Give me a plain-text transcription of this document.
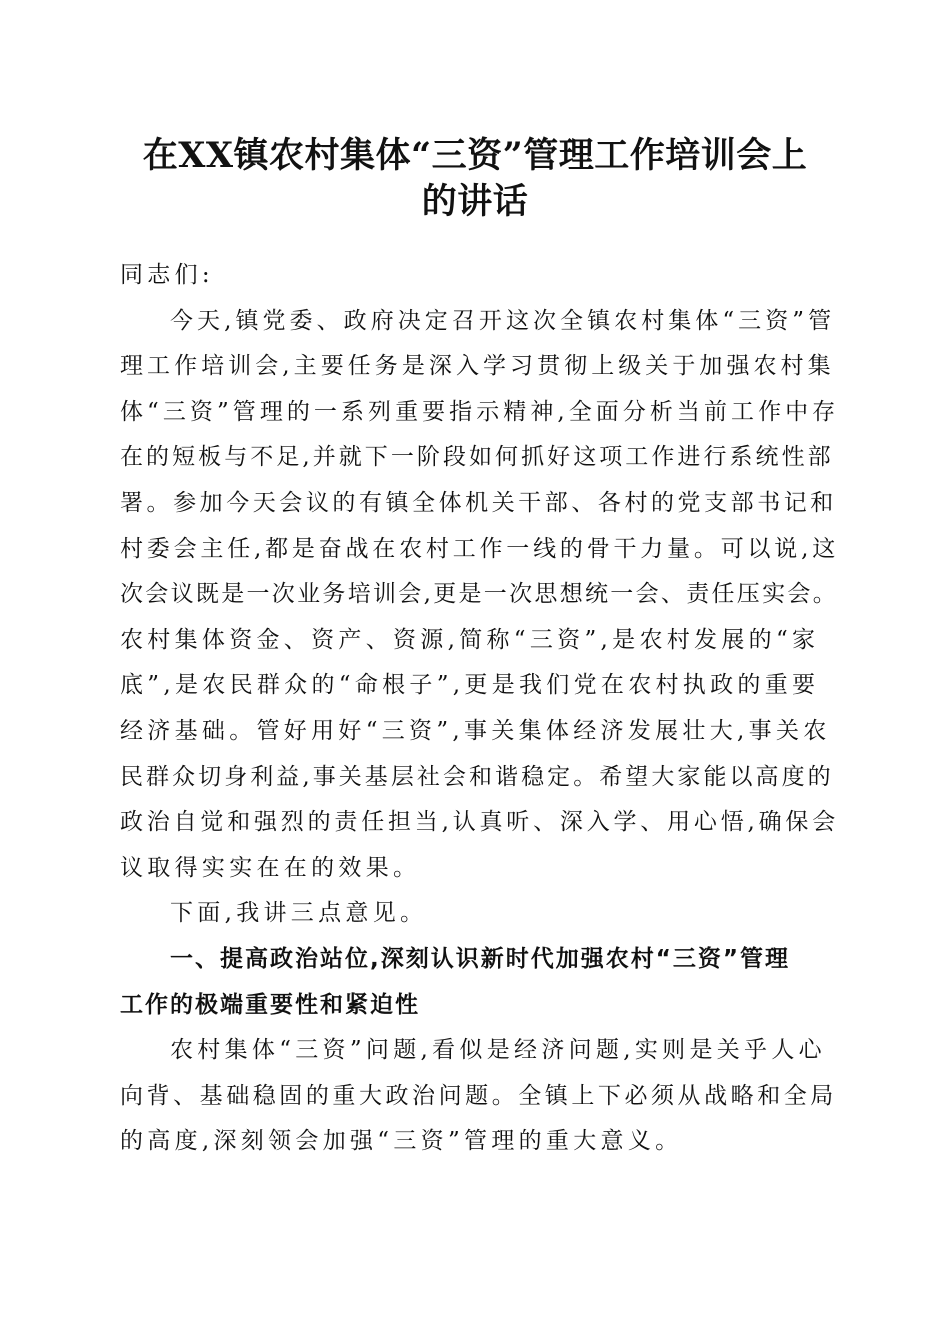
在XX镇农村集体“三资”管理工作培训会上
的讲话
同志们:
今天,镇党委、政府决定召开这次全镇农村集体“三资”管
理工作培训会,主要任务是深入学习贯彻上级关于加强农村集
体“三资”管理的一系列重要指示精神,全面分析当前工作中存
在的短板与不足,并就下一阶段如何抓好这项工作进行系统性部
署。参加今天会议的有镇全体机关干部、各村的党支部书记和
村委会主任,都是奋战在农村工作一线的骨干力量。可以说,这
次会议既是一次业务培训会,更是一次思想统一会、责任压实会。
农村集体资金、资产、资源,简称“三资”,是农村发展的“家
底”,是农民群众的“命根子”,更是我们党在农村执政的重要
经济基础。管好用好“三资”,事关集体经济发展壮大,事关农
民群众切身利益,事关基层社会和谐稳定。希望大家能以高度的
政治自觉和强烈的责任担当,认真听、深入学、用心悟,确保会
议取得实实在在的效果。
下面,我讲三点意见。
一、提高政治站位,深刻认识新时代加强农村“三资”管理
工作的极端重要性和紧迫性
农村集体“三资”问题,看似是经济问题,实则是关乎人心
向背、基础稳固的重大政治问题。全镇上下必须从战略和全局
的高度,深刻领会加强“三资”管理的重大意义。
